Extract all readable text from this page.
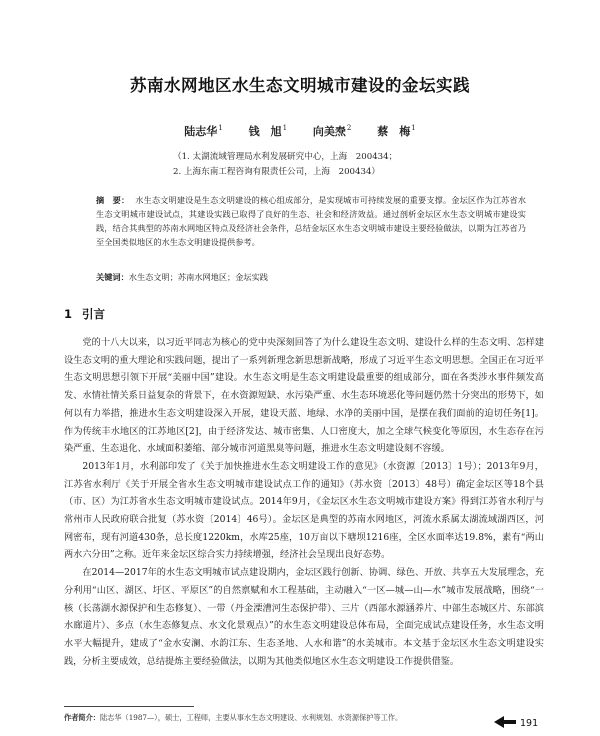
苏南水网地区水生态文明城市建设的金坛实践
陆志华$^1$ 钱　旭$^1$ 向美焘$^2$ 蔡　梅$^1$
（1. 太湖流域管理局水利发展研究中心，上海　200434；
2. 上海东南工程咨询有限责任公司，上海　200434）
摘　要： 水生态文明建设是生态文明建设的核心组成部分，是实现城市可持续发展的重要支撑。金坛区作为江苏省水生态文明城市建设试点，其建设实践已取得了良好的生态、社会和经济效益。通过剖析金坛区水生态文明城市建设实践，结合其典型的苏南水网地区特点及经济社会条件，总结金坛区水生态文明城市建设主要经验做法，以期为江苏省乃至全国类似地区的水生态文明建设提供参考。
关键词：水生态文明；苏南水网地区；金坛实践
1 引言

党的十八大以来，以习近平同志为核心的党中央深刻回答了为什么建设生态文明、建设什么样的生态文明、怎样建设生态文明的重大理论和实践问题，提出了一系列新理念新思想新战略，形成了习近平生态文明思想。全国正在习近平生态文明思想引领下开展“美丽中国”建设。水生态文明是生态文明建设最重要的组成部分，面在各类涉水事件频发高发、水情社情关系日益复杂的背景下，在水资源短缺、水污染严重、水生态环境恶化等问题仍然十分突出的形势下，如何以有力举措，推进水生态文明建设深入开展，建设天蓝、地绿、水净的美丽中国，是摆在我们面前的迫切任务[1]。作为传统丰水地区的江苏地区[2]，由于经济发达、城市密集、人口密度大，加之全球气候变化等原因，水生态存在污染严重、生态退化、水域面积萎缩、部分城市河道黑臭等问题，推进水生态文明建设刻不容缓。

2013年1月，水利部印发了《关于加快推进水生态文明建设工作的意见》（水资源〔2013〕1号）；2013年9月，江苏省水利厅《关于开展全省水生态文明城市建设试点工作的通知》（苏水资〔2013〕48号）确定金坛区等18个县（市、区）为江苏省水生态文明城市建设试点。2014年9月，《金坛区水生态文明城市建设方案》得到江苏省水利厅与常州市人民政府联合批复（苏水资〔2014〕46号）。金坛区是典型的苏南水网地区，河流水系属太湖流域湖西区，河网密布，现有河道430条，总长度1220km，水库25座，10万亩以下塘坝1216座，全区水面率达19.8%，素有“两山两水六分田”之称。近年来金坛区综合实力持续增强，经济社会呈现出良好态势。

在2014—2017年的水生态文明城市试点建设期内，金坛区践行创新、协调、绿色、开放、共享五大发展理念，充分利用“山区、湖区、圩区、平原区”的自然禀赋和水工程基础，主动融入“一区—城—山—水”城市发展战略，围绕“一核（长荡湖水源保护和生态修复）、一带（丹金溧漕河生态保护带）、三片（西部水源涵养片、中部生态城区片、东部滨水廊道片）、多点（水生态修复点、水文化景观点）”的水生态文明建设总体布局，全面完成试点建设任务，水生态文明水平大幅提升，建成了“金水安澜、水韵江东、生态圣地、人水和谐”的水美城市。本文基于金坛区水生态文明建设实践，分析主要成效，总结提炼主要经验做法，以期为其他类似地区水生态文明建设工作提供借鉴。

作者简介：陆志华（1987—），硕士，工程师，主要从事水生态文明建设、水利规划、水资源保护等工作。
191
